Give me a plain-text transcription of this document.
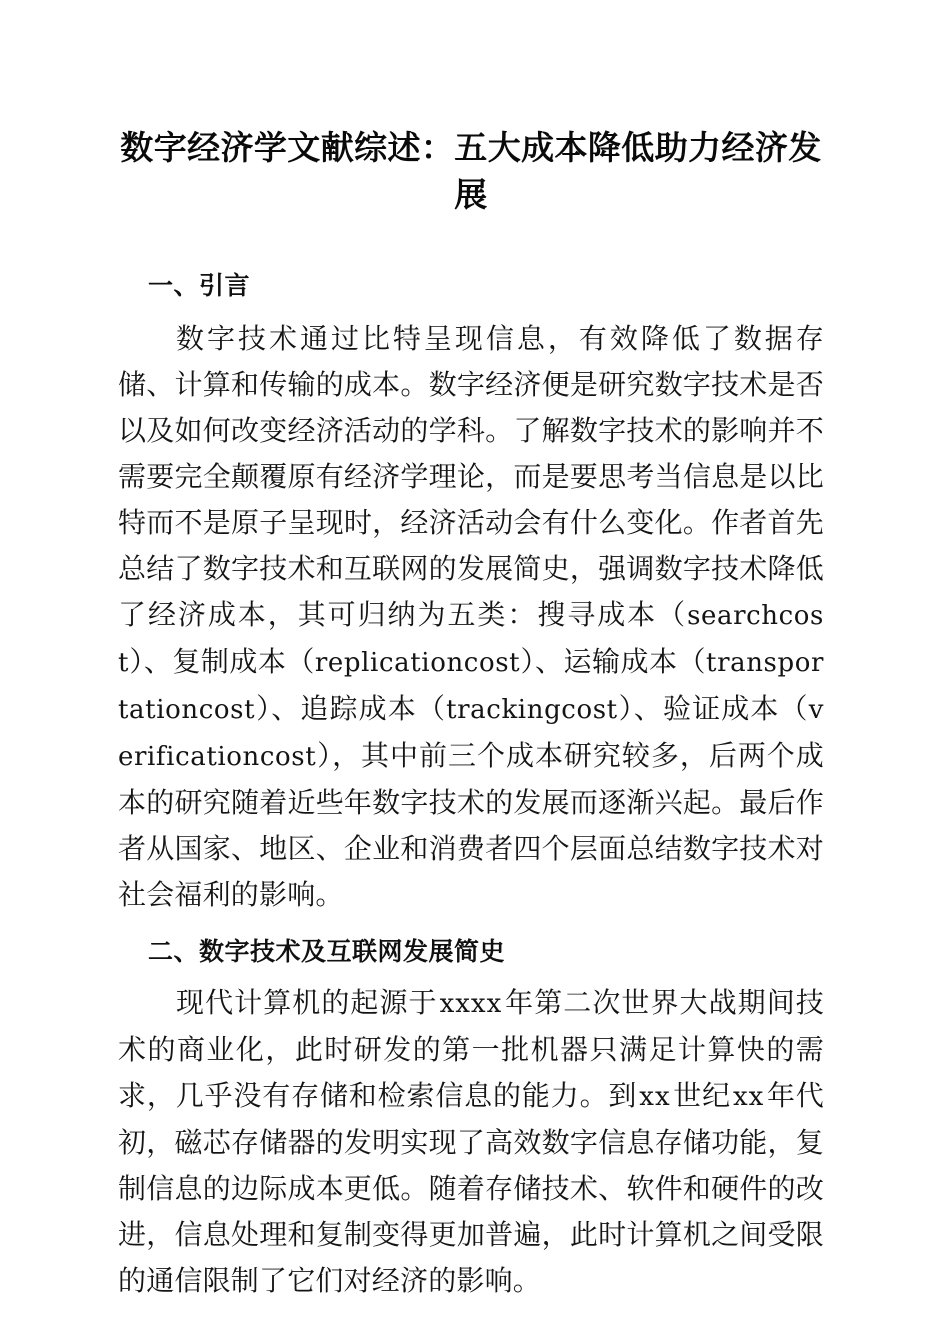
数字经济学文献综述：五大成本降低助力经济发展
一、引言

数字技术通过比特呈现信息，有效降低了数据存储、计算和传输的成本。数字经济便是研究数字技术是否以及如何改变经济活动的学科。了解数字技术的影响并不需要完全颠覆原有经济学理论，而是要思考当信息是以比特而不是原子呈现时，经济活动会有什么变化。作者首先总结了数字技术和互联网的发展简史，强调数字技术降低了经济成本，其可归纳为五类：搜寻成本（searchcost）、复制成本（replicationcost）、运输成本（transportationcost）、追踪成本（trackingcost）、验证成本（verificationcost），其中前三个成本研究较多，后两个成本的研究随着近些年数字技术的发展而逐渐兴起。最后作者从国家、地区、企业和消费者四个层面总结数字技术对社会福利的影响。

二、数字技术及互联网发展简史

现代计算机的起源于xxxx年第二次世界大战期间技术的商业化，此时研发的第一批机器只满足计算快的需求，几乎没有存储和检索信息的能力。到xx世纪xx年代初，磁芯存储器的发明实现了高效数字信息存储功能，复制信息的边际成本更低。随着存储技术、软件和硬件的改进，信息处理和复制变得更加普遍，此时计算机之间受限的通信限制了它们对经济的影响。
